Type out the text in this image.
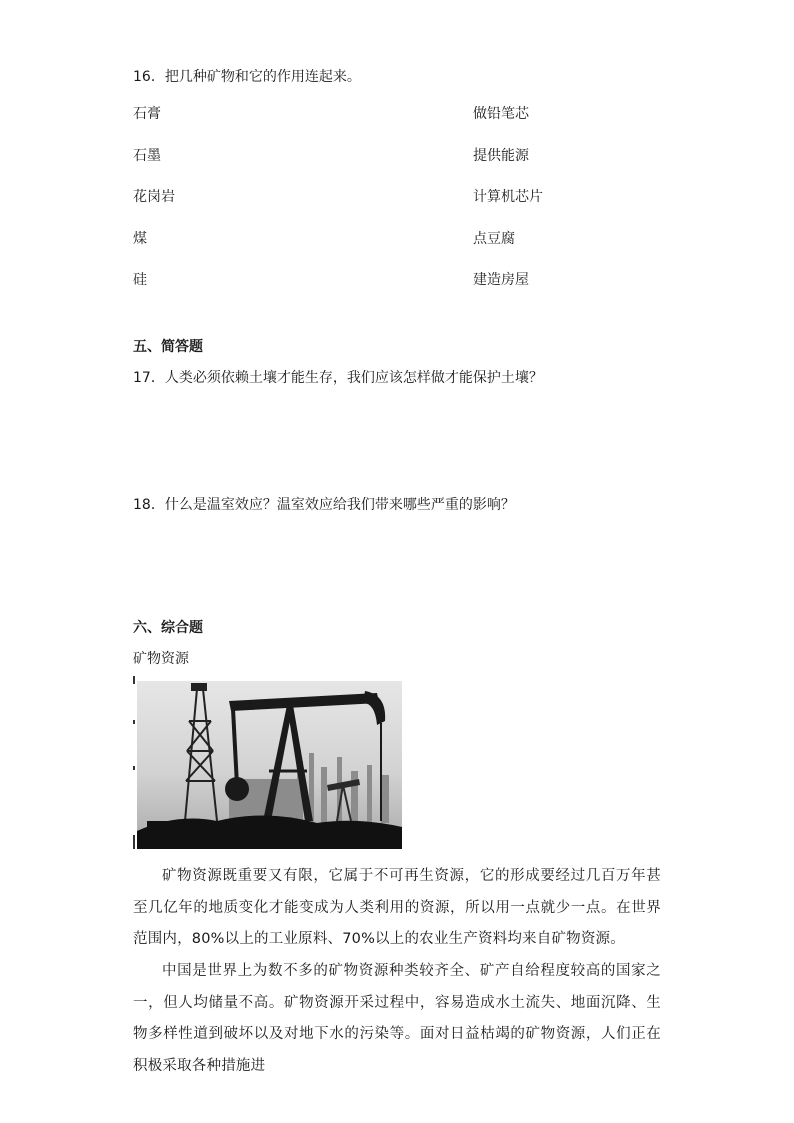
16．把几种矿物和它的作用连起来。
石膏
石墨
花岗岩
煤
硅
做铅笔芯
提供能源
计算机芯片
点豆腐
建造房屋
五、简答题
17．人类必须依赖土壤才能生存，我们应该怎样做才能保护土壤？
18．什么是温室效应？温室效应给我们带来哪些严重的影响？
六、综合题
矿物资源
矿物资源既重要又有限，它属于不可再生资源，它的形成要经过几百万年甚至几亿年的地质变化才能变成为人类利用的资源，所以用一点就少一点。在世界范围内，80%以上的工业原料、70%以上的农业生产资料均来自矿物资源。
中国是世界上为数不多的矿物资源种类较齐全、矿产自给程度较高的国家之一，但人均储量不高。矿物资源开采过程中，容易造成水土流失、地面沉降、生物多样性道到破坏以及对地下水的污染等。面对日益枯竭的矿物资源，人们正在积极采取各种措施进
